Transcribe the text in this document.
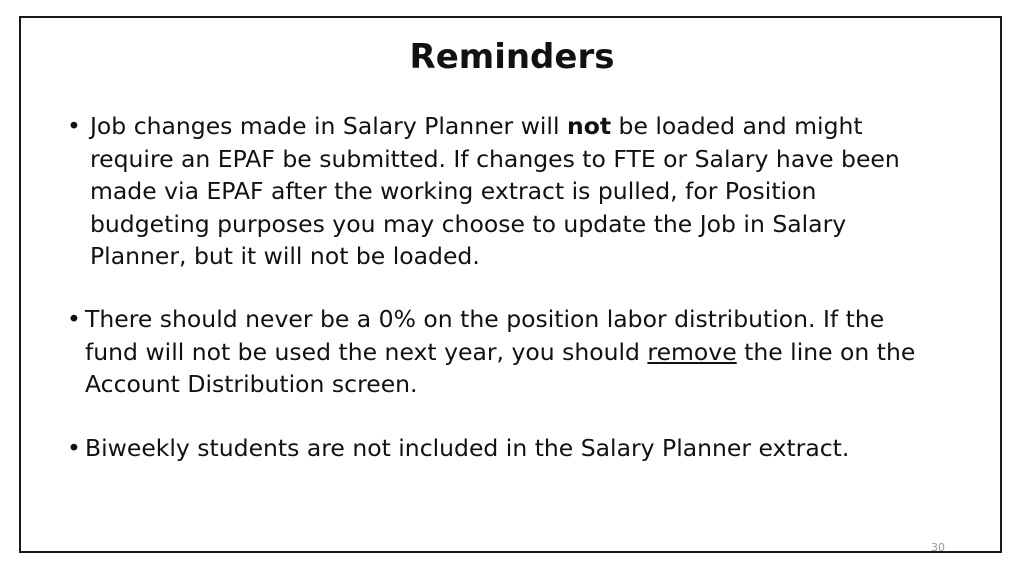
Reminders
• Job changes made in Salary Planner will not be loaded and might
require an EPAF be submitted. If changes to FTE or Salary have been
made via EPAF after the working extract is pulled, for Position
budgeting purposes you may choose to update the Job in Salary
Planner, but it will not be loaded.
• There should never be a 0% on the position labor distribution. If the
fund will not be used the next year, you should remove the line on the
Account Distribution screen.
• Biweekly students are not included in the Salary Planner extract.
30
